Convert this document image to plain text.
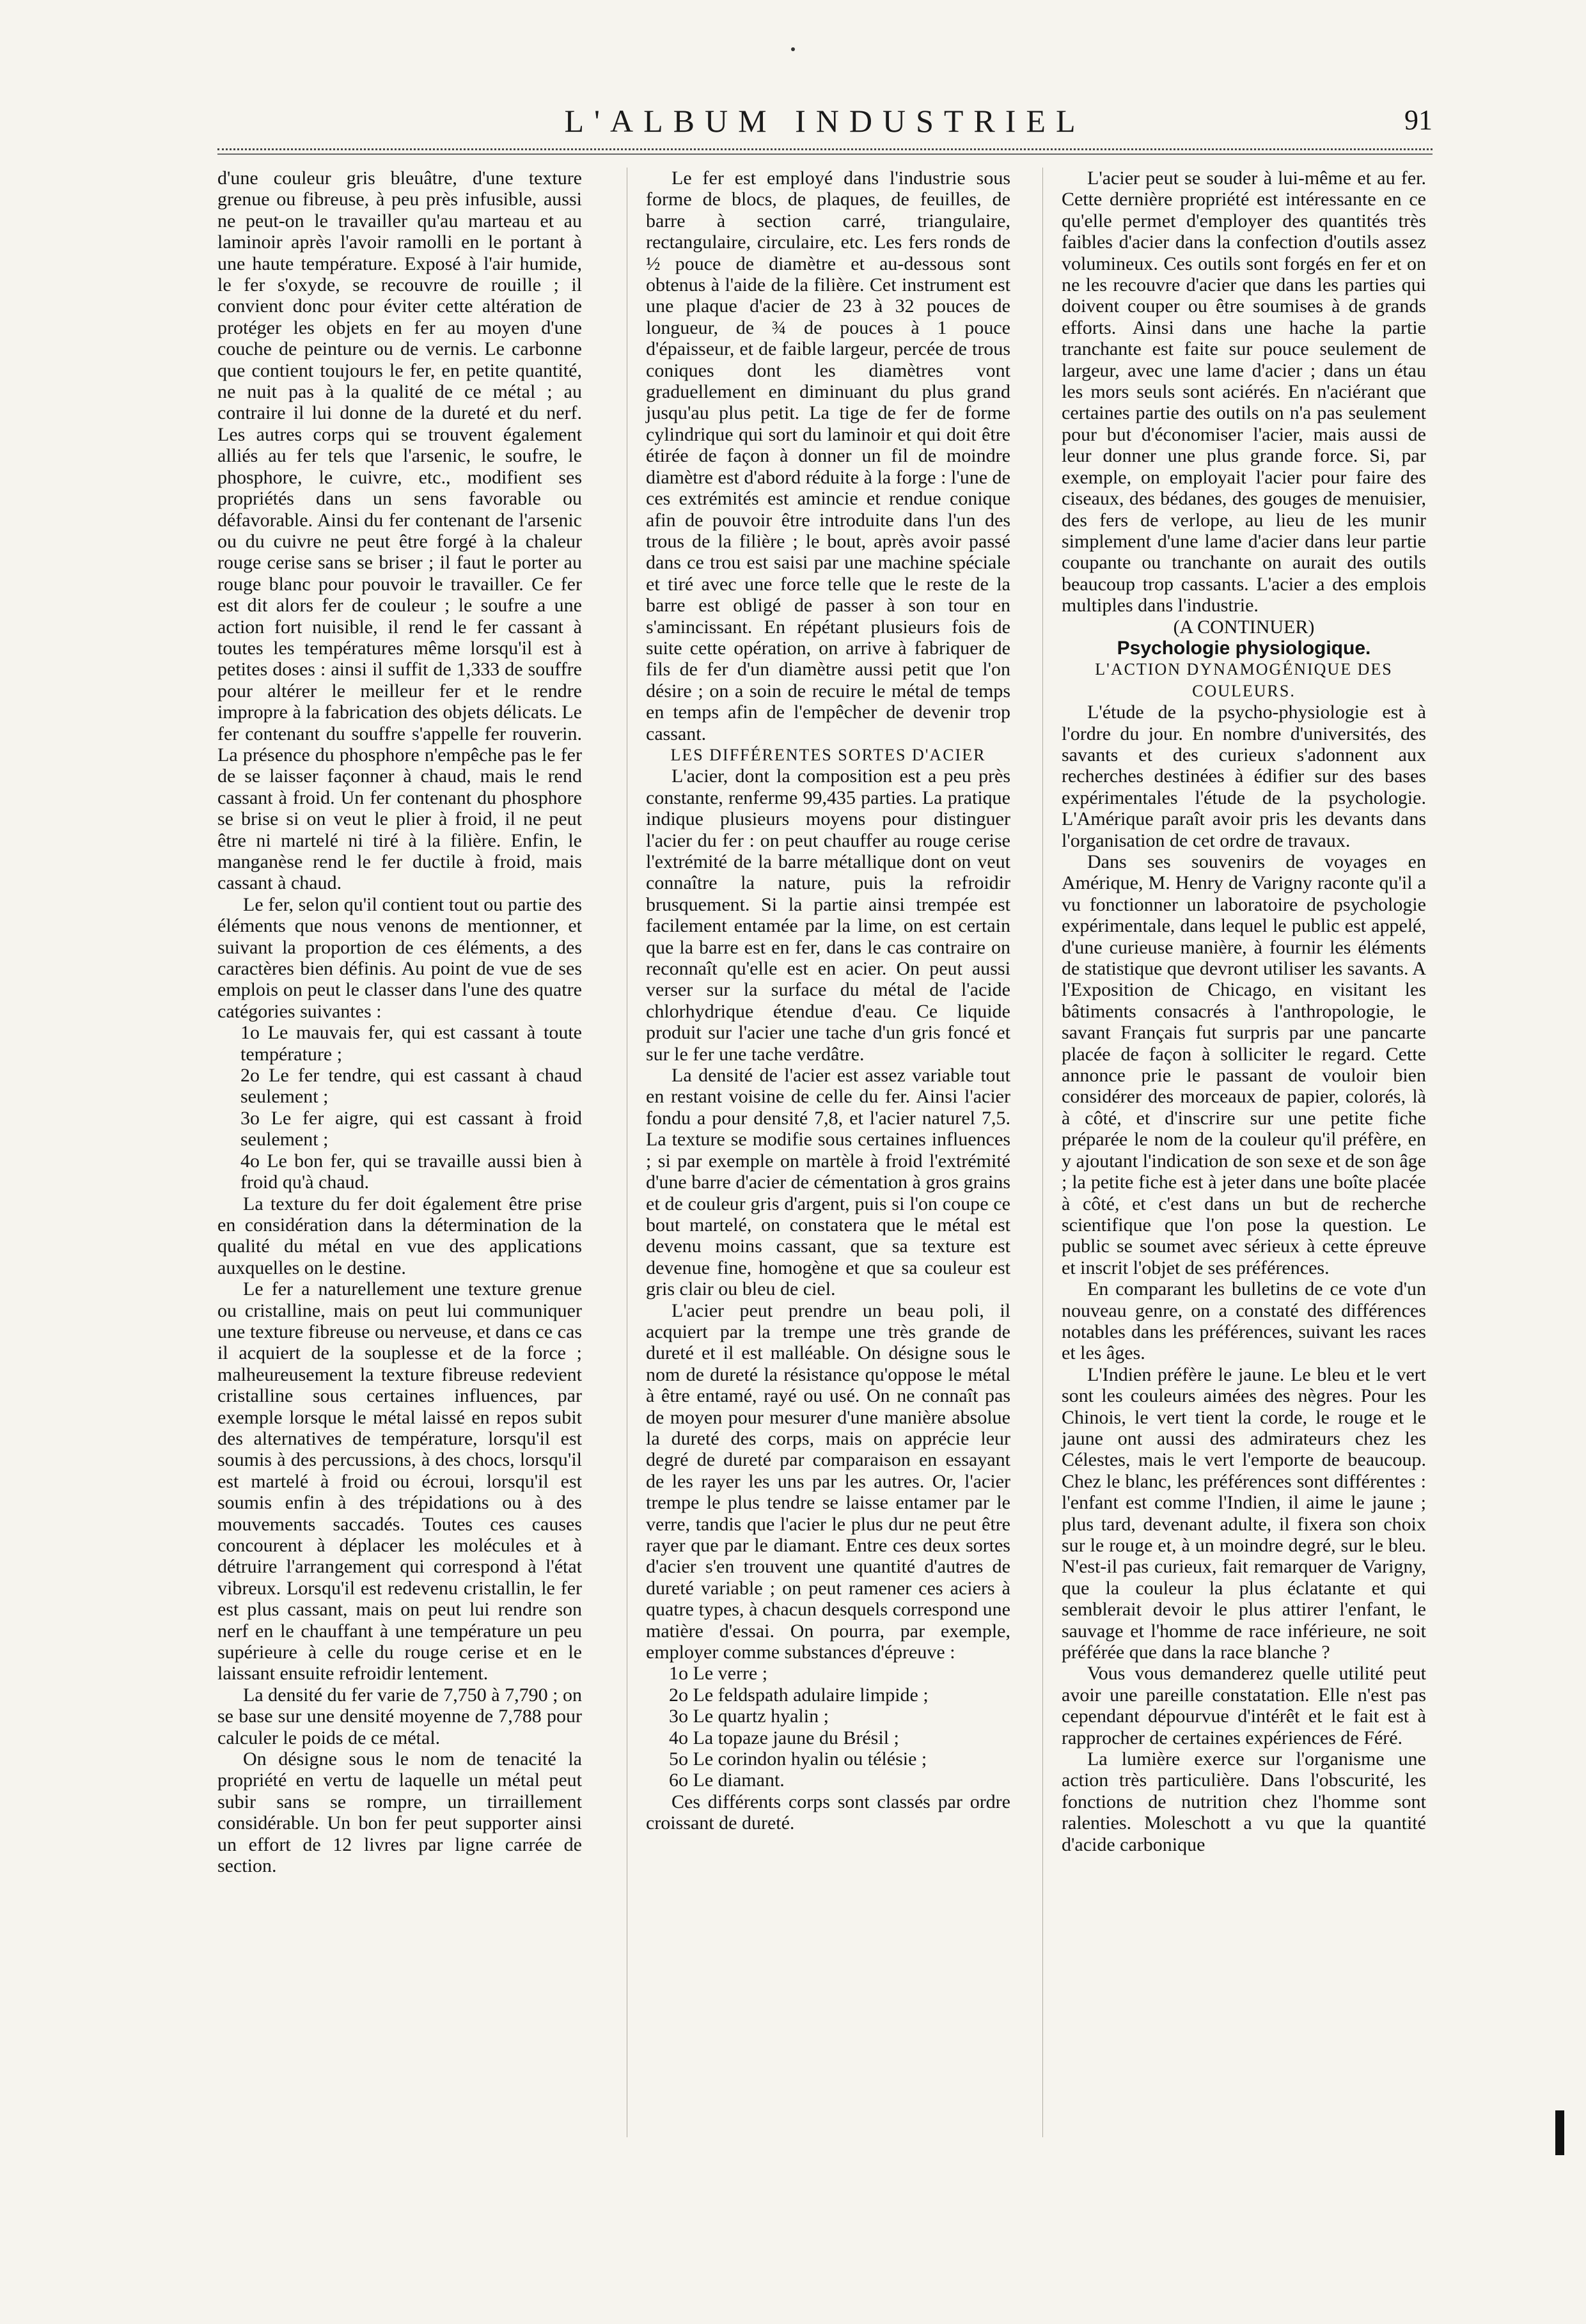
L'ALBUM INDUSTRIEL	91

d'une couleur gris bleuâtre, d'une texture grenue ou fibreuse, à peu près infusible, aussi ne peut-on le travailler qu'au marteau et au laminoir après l'avoir ramolli en le portant à une haute température. Exposé à l'air humide, le fer s'oxyde, se recouvre de rouille ; il convient donc pour éviter cette altération de protéger les objets en fer au moyen d'une couche de peinture ou de vernis. Le carbonne que contient toujours le fer, en petite quantité, ne nuit pas à la qualité de ce métal ; au contraire il lui donne de la dureté et du nerf. Les autres corps qui se trouvent également alliés au fer tels que l'arsenic, le soufre, le phosphore, le cuivre, etc., modifient ses propriétés dans un sens favorable ou défavorable. Ainsi du fer contenant de l'arsenic ou du cuivre ne peut être forgé à la chaleur rouge cerise sans se briser ; il faut le porter au rouge blanc pour pouvoir le travailler. Ce fer est dit alors fer de couleur ; le soufre a une action fort nuisible, il rend le fer cassant à toutes les températures même lorsqu'il est à petites doses : ainsi il suffit de 1,333 de souffre pour altérer le meilleur fer et le rendre impropre à la fabrication des objets délicats. Le fer contenant du souffre s'appelle fer rouverin. La présence du phosphore n'empêche pas le fer de se laisser façonner à chaud, mais le rend cassant à froid. Un fer contenant du phosphore se brise si on veut le plier à froid, il ne peut être ni martelé ni tiré à la filière. Enfin, le manganèse rend le fer ductile à froid, mais cassant à chaud.

Le fer, selon qu'il contient tout ou partie des éléments que nous venons de mentionner, et suivant la proportion de ces éléments, a des caractères bien définis. Au point de vue de ses emplois on peut le classer dans l'une des quatre catégories suivantes :

1o Le mauvais fer, qui est cassant à toute température ;
2o Le fer tendre, qui est cassant à chaud seulement ;
3o Le fer aigre, qui est cassant à froid seulement ;
4o Le bon fer, qui se travaille aussi bien à froid qu'à chaud.

La texture du fer doit également être prise en considération dans la détermination de la qualité du métal en vue des applications auxquelles on le destine.

Le fer a naturellement une texture grenue ou cristalline, mais on peut lui communiquer une texture fibreuse ou nerveuse, et dans ce cas il acquiert de la souplesse et de la force ; malheureusement la texture fibreuse redevient cristalline sous certaines influences, par exemple lorsque le métal laissé en repos subit des alternatives de température, lorsqu'il est soumis à des percussions, à des chocs, lorsqu'il est martelé à froid ou écroui, lorsqu'il est soumis enfin à des trépidations ou à des mouvements saccadés. Toutes ces causes concourent à déplacer les molécules et à détruire l'arrangement qui correspond à l'état vibreux. Lorsqu'il est redevenu cristallin, le fer est plus cassant, mais on peut lui rendre son nerf en le chauffant à une température un peu supérieure à celle du rouge cerise et en le laissant ensuite refroidir lentement.

La densité du fer varie de 7,750 à 7,790 ; on se base sur une densité moyenne de 7,788 pour calculer le poids de ce métal.

On désigne sous le nom de tenacité la propriété en vertu de laquelle un métal peut subir sans se rompre, un tirraillement considérable. Un bon fer peut supporter ainsi un effort de 12 livres par ligne carrée de section.

Le fer est employé dans l'industrie sous forme de blocs, de plaques, de feuilles, de barre à section carré, triangulaire, rectangulaire, circulaire, etc. Les fers ronds de ½ pouce de diamètre et au-dessous sont obtenus à l'aide de la filière. Cet instrument est une plaque d'acier de 23 à 32 pouces de longueur, de ¾ de pouces à 1 pouce d'épaisseur, et de faible largeur, percée de trous coniques dont les diamètres vont graduellement en diminuant du plus grand jusqu'au plus petit. La tige de fer de forme cylindrique qui sort du laminoir et qui doit être étirée de façon à donner un fil de moindre diamètre est d'abord réduite à la forge : l'une de ces extrémités est amincie et rendue conique afin de pouvoir être introduite dans l'un des trous de la filière ; le bout, après avoir passé dans ce trou est saisi par une machine spéciale et tiré avec une force telle que le reste de la barre est obligé de passer à son tour en s'amincissant. En répétant plusieurs fois de suite cette opération, on arrive à fabriquer de fils de fer d'un diamètre aussi petit que l'on désire ; on a soin de recuire le métal de temps en temps afin de l'empêcher de devenir trop cassant.

LES DIFFÉRENTES SORTES D'ACIER

L'acier, dont la composition est a peu près constante, renferme 99,435 parties. La pratique indique plusieurs moyens pour distinguer l'acier du fer : on peut chauffer au rouge cerise l'extrémité de la barre métallique dont on veut connaître la nature, puis la refroidir brusquement. Si la partie ainsi trempée est facilement entamée par la lime, on est certain que la barre est en fer, dans le cas contraire on reconnaît qu'elle est en acier. On peut aussi verser sur la surface du métal de l'acide chlorhydrique étendue d'eau. Ce liquide produit sur l'acier une tache d'un gris foncé et sur le fer une tache verdâtre.

La densité de l'acier est assez variable tout en restant voisine de celle du fer. Ainsi l'acier fondu a pour densité 7,8, et l'acier naturel 7,5. La texture se modifie sous certaines influences ; si par exemple on martèle à froid l'extrémité d'une barre d'acier de cémentation à gros grains et de couleur gris d'argent, puis si l'on coupe ce bout martelé, on constatera que le métal est devenu moins cassant, que sa texture est devenue fine, homogène et que sa couleur est gris clair ou bleu de ciel.

L'acier peut prendre un beau poli, il acquiert par la trempe une très grande de dureté et il est malléable. On désigne sous le nom de dureté la résistance qu'oppose le métal à être entamé, rayé ou usé. On ne connaît pas de moyen pour mesurer d'une manière absolue la dureté des corps, mais on apprécie leur degré de dureté par comparaison en essayant de les rayer les uns par les autres. Or, l'acier trempe le plus tendre se laisse entamer par le verre, tandis que l'acier le plus dur ne peut être rayer que par le diamant. Entre ces deux sortes d'acier s'en trouvent une quantité d'autres de dureté variable ; on peut ramener ces aciers à quatre types, à chacun desquels correspond une matière d'essai. On pourra, par exemple, employer comme substances d'épreuve :

1o Le verre ;
2o Le feldspath adulaire limpide ;
3o Le quartz hyalin ;
4o La topaze jaune du Brésil ;
5o Le corindon hyalin ou télésie ;
6o Le diamant.

Ces différents corps sont classés par ordre croissant de dureté.

L'acier peut se souder à lui-même et au fer. Cette dernière propriété est intéressante en ce qu'elle permet d'employer des quantités très faibles d'acier dans la confection d'outils assez volumineux. Ces outils sont forgés en fer et on ne les recouvre d'acier que dans les parties qui doivent couper ou être soumises à de grands efforts. Ainsi dans une hache la partie tranchante est faite sur pouce seulement de largeur, avec une lame d'acier ; dans un étau les mors seuls sont aciérés. En n'aciérant que certaines partie des outils on n'a pas seulement pour but d'économiser l'acier, mais aussi de leur donner une plus grande force. Si, par exemple, on employait l'acier pour faire des ciseaux, des bédanes, des gouges de menuisier, des fers de verlope, au lieu de les munir simplement d'une lame d'acier dans leur partie coupante ou tranchante on aurait des outils beaucoup trop cassants. L'acier a des emplois multiples dans l'industrie.

(A CONTINUER)

Psychologie physiologique.

L'ACTION DYNAMOGÉNIQUE DES COULEURS.

L'étude de la psycho-physiologie est à l'ordre du jour. En nombre d'universités, des savants et des curieux s'adonnent aux recherches destinées à édifier sur des bases expérimentales l'étude de la psychologie. L'Amérique paraît avoir pris les devants dans l'organisation de cet ordre de travaux.

Dans ses souvenirs de voyages en Amérique, M. Henry de Varigny raconte qu'il a vu fonctionner un laboratoire de psychologie expérimentale, dans lequel le public est appelé, d'une curieuse manière, à fournir les éléments de statistique que devront utiliser les savants. A l'Exposition de Chicago, en visitant les bâtiments consacrés à l'anthropologie, le savant Français fut surpris par une pancarte placée de façon à solliciter le regard. Cette annonce prie le passant de vouloir bien considérer des morceaux de papier, colorés, là à côté, et d'inscrire sur une petite fiche préparée le nom de la couleur qu'il préfère, en y ajoutant l'indication de son sexe et de son âge ; la petite fiche est à jeter dans une boîte placée à côté, et c'est dans un but de recherche scientifique que l'on pose la question. Le public se soumet avec sérieux à cette épreuve et inscrit l'objet de ses préférences.

En comparant les bulletins de ce vote d'un nouveau genre, on a constaté des différences notables dans les préférences, suivant les races et les âges.

L'Indien préfère le jaune. Le bleu et le vert sont les couleurs aimées des nègres. Pour les Chinois, le vert tient la corde, le rouge et le jaune ont aussi des admirateurs chez les Célestes, mais le vert l'emporte de beaucoup. Chez le blanc, les préférences sont différentes : l'enfant est comme l'Indien, il aime le jaune ; plus tard, devenant adulte, il fixera son choix sur le rouge et, à un moindre degré, sur le bleu. N'est-il pas curieux, fait remarquer de Varigny, que la couleur la plus éclatante et qui semblerait devoir le plus attirer l'enfant, le sauvage et l'homme de race inférieure, ne soit préférée que dans la race blanche ?

Vous vous demanderez quelle utilité peut avoir une pareille constatation. Elle n'est pas cependant dépourvue d'intérêt et le fait est à rapprocher de certaines expériences de Féré.

La lumière exerce sur l'organisme une action très particulière. Dans l'obscurité, les fonctions de nutrition chez l'homme sont ralenties. Moleschott a vu que la quantité d'acide carbonique
